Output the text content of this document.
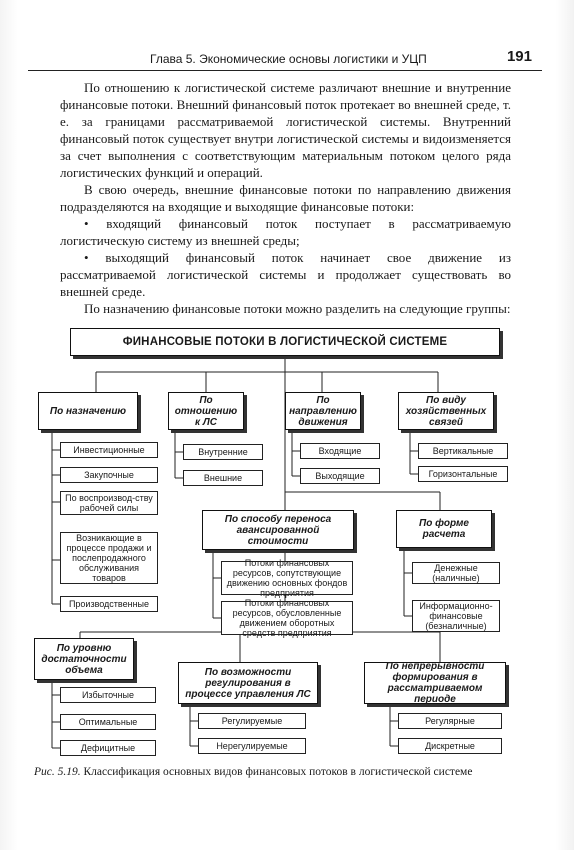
Глава 5. Экономические основы логистики и УЦП	191

По отношению к логистической системе различают внешние и внутренние финансовые потоки. Внешний финансовый поток протекает во внешней среде, т. е. за границами рассматриваемой логистической системы. Внутренний финансовый поток существует внутри логистической системы и видоизменяется за счет выполнения с соответствующим материальным потоком целого ряда логистических функций и операций.

В свою очередь, внешние финансовые потоки по направлению движения подразделяются на входящие и выходящие финансовые потоки:

• входящий финансовый поток поступает в рассматриваемую логистическую систему из внешней среды;

• выходящий финансовый поток начинает свое движение из рассматриваемой логистической системы и продолжает существовать во внешней среде.

По назначению финансовые потоки можно разделить на следующие группы:

ФИНАНСОВЫЕ ПОТОКИ В ЛОГИСТИЧЕСКОЙ СИСТЕМЕ
По назначению
По отношению к ЛС
По направлению движения
По виду хозяйственных связей
Инвестиционные
Закупочные
По воспроизвод-ству рабочей силы
Возникающие в процессе продажи и послепродажного обслуживания товаров
Производственные
Внутренние
Внешние
Входящие
Выходящие
Вертикальные
Горизонтальные
По способу переноса авансированной стоимости
По форме расчета
Потоки финансовых ресурсов, сопутствующие движению основных фондов предприятия
Потоки финансовых ресурсов, обусловленные движением оборотных средств предприятия
Денежные (наличные)
Информационно-финансовые (безналичные)
По уровню достаточности объема	По возможности регулирования в процессе управления ЛС
По непрерывности формирования в рассматриваемом периоде
Избыточные
Оптимальные
Дефицитные
Регулируемые
Нерегулируемые
Регулярные
Дискретные
Рис. 5.19. Классификация основных видов финансовых потоков в логистической системе
